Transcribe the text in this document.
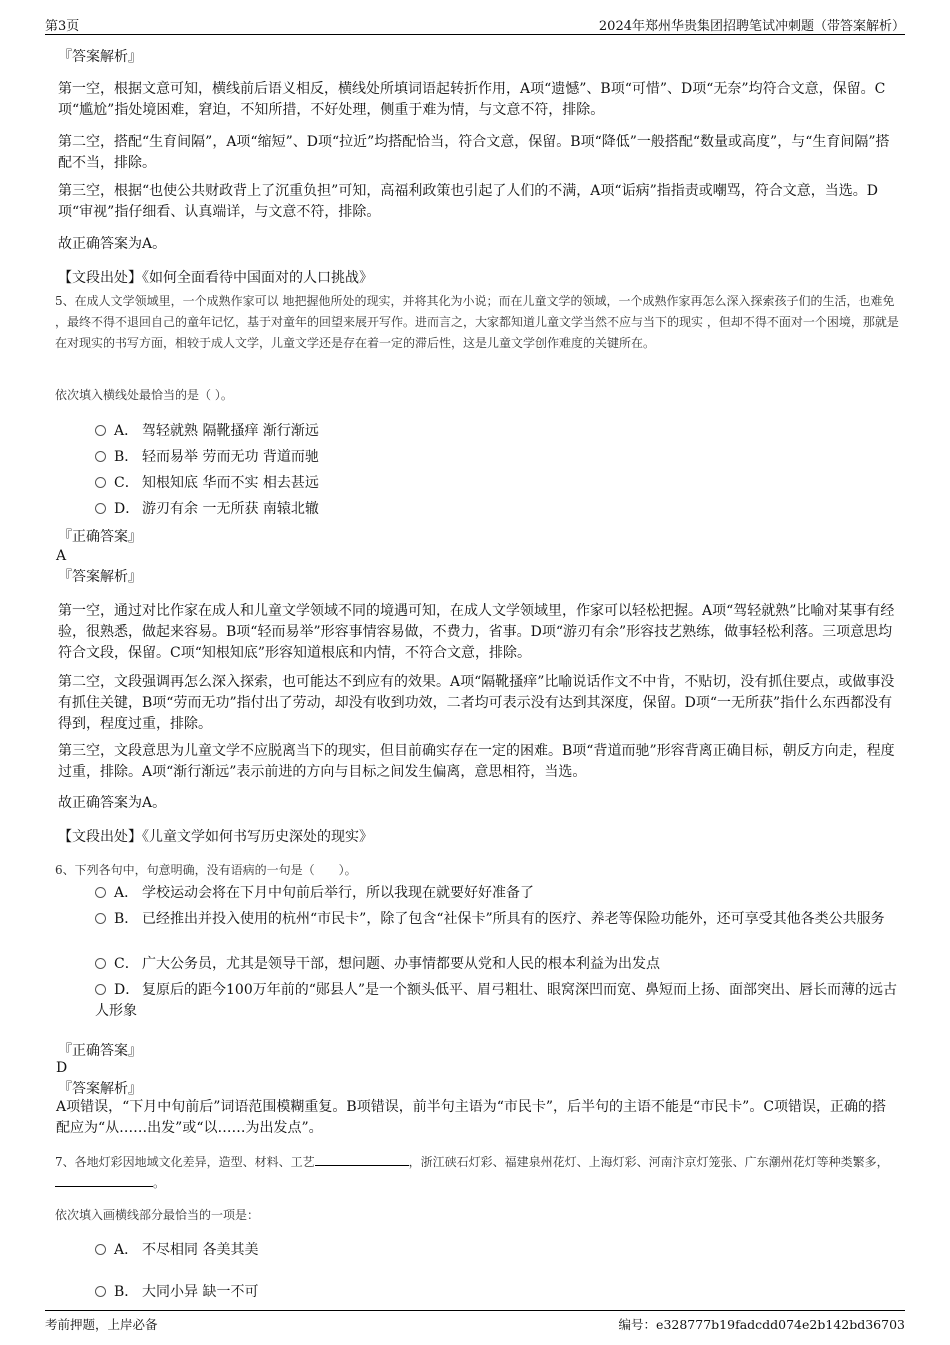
第3页	2024年郑州华贵集团招聘笔试冲刺题（带答案解析）
『答案解析』
第一空，根据文意可知，横线前后语义相反，横线处所填词语起转折作用，A项“遗憾”、B项“可惜”、D项“无奈”均符合文意，保留。C项“尴尬”指处境困难，窘迫，不知所措，不好处理，侧重于难为情，与文意不符，排除。
第二空，搭配“生育间隔”，A项“缩短”、D项“拉近”均搭配恰当，符合文意，保留。B项“降低”一般搭配“数量或高度”，与“生育间隔”搭配不当，排除。
第三空，根据“也使公共财政背上了沉重负担”可知，高福利政策也引起了人们的不满，A项“诟病”指指责或嘲骂，符合文意，当选。D项“审视”指仔细看、认真端详，与文意不符，排除。
故正确答案为A。
【文段出处】《如何全面看待中国面对的人口挑战》
5、在成人文学领域里，一个成熟作家可以 地把握他所处的现实，并将其化为小说；而在儿童文学的领域，一个成熟作家再怎么深入探索孩子们的生活，也难免 ，最终不得不退回自己的童年记忆，基于对童年的回望来展开写作。进而言之，大家都知道儿童文学当然不应与当下的现实 ，但却不得不面对一个困境，那就是在对现实的书写方面，相较于成人文学，儿童文学还是存在着一定的滞后性，这是儿童文学创作难度的关键所在。
依次填入横线处最恰当的是（ ）。
A． 驾轻就熟 隔靴搔痒 渐行渐远
B． 轻而易举 劳而无功 背道而驰
C． 知根知底 华而不实 相去甚远
D． 游刃有余 一无所获 南辕北辙
『正确答案』
A
『答案解析』
第一空，通过对比作家在成人和儿童文学领域不同的境遇可知，在成人文学领域里，作家可以轻松把握。A项“驾轻就熟”比喻对某事有经验，很熟悉，做起来容易。B项“轻而易举”形容事情容易做，不费力，省事。D项“游刃有余”形容技艺熟练，做事轻松利落。三项意思均符合文段，保留。C项“知根知底”形容知道根底和内情，不符合文意，排除。
第二空，文段强调再怎么深入探索，也可能达不到应有的效果。A项“隔靴搔痒”比喻说话作文不中肯，不贴切，没有抓住要点，或做事没有抓住关键，B项“劳而无功”指付出了劳动，却没有收到功效，二者均可表示没有达到其深度，保留。D项“一无所获”指什么东西都没有得到，程度过重，排除。
第三空，文段意思为儿童文学不应脱离当下的现实，但目前确实存在一定的困难。B项“背道而驰”形容背离正确目标，朝反方向走，程度过重，排除。A项“渐行渐远”表示前进的方向与目标之间发生偏离，意思相符，当选。
故正确答案为A。
【文段出处】《儿童文学如何书写历史深处的现实》
6、下列各句中，句意明确，没有语病的一句是（　　）。
A． 学校运动会将在下月中旬前后举行，所以我现在就要好好准备了
B． 已经推出并投入使用的杭州“市民卡”，除了包含“社保卡”所具有的医疗、养老等保险功能外，还可享受其他各类公共服务
C． 广大公务员，尤其是领导干部，想问题、办事情都要从党和人民的根本利益为出发点
D． 复原后的距今100万年前的“郧县人”是一个额头低平、眉弓粗壮、眼窝深凹而宽、鼻短而上扬、面部突出、唇长而薄的远古人形象
『正确答案』
D
『答案解析』
A项错误，“下月中旬前后”词语范围模糊重复。B项错误，前半句主语为“市民卡”，后半句的主语不能是“市民卡”。C项错误，正确的搭配应为“从……出发”或“以……为出发点”。
7、各地灯彩因地域文化差异，造型、材料、工艺	，浙江硖石灯彩、福建泉州花灯、上海灯彩、河南汴京灯笼张、广东潮州花灯等种类繁多，。
依次填入画横线部分最恰当的一项是：
A． 不尽相同 各美其美
B． 大同小异 缺一不可
考前押题，上岸必备	编号：e328777b19fadcdd074e2b142bd36703
